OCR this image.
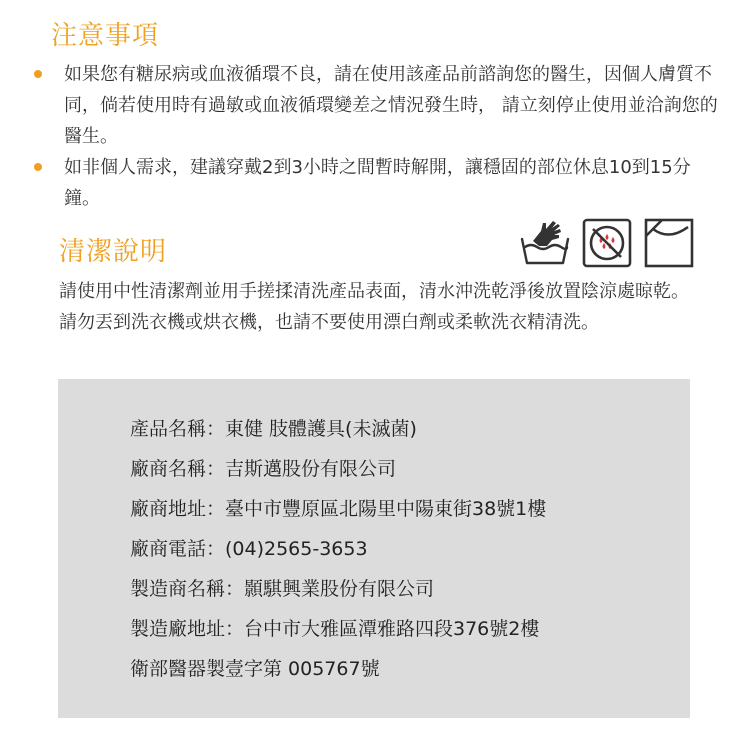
注意事項
如果您有糖尿病或血液循環不良，請在使用該產品前諮詢您的醫生，因個人膚質不同，倘若使用時有過敏或血液循環變差之情況發生時， 請立刻停止使用並洽詢您的醫生。
如非個人需求，建議穿戴2到3小時之間暫時解開，讓穩固的部位休息10到15分鐘。
清潔說明

請使用中性清潔劑並用手搓揉清洗產品表面，清水沖洗乾淨後放置陰涼處晾乾。請勿丟到洗衣機或烘衣機，也請不要使用漂白劑或柔軟洗衣精清洗。

產品名稱：東健 肢體護具(未滅菌)
廠商名稱：吉斯邁股份有限公司
廠商地址：臺中市豐原區北陽里中陽東街38號1樓
廠商電話：(04)2565-3653
製造商名稱：顥騏興業股份有限公司
製造廠地址：台中市大雅區潭雅路四段376號2樓
衛部醫器製壹字第 005767號
